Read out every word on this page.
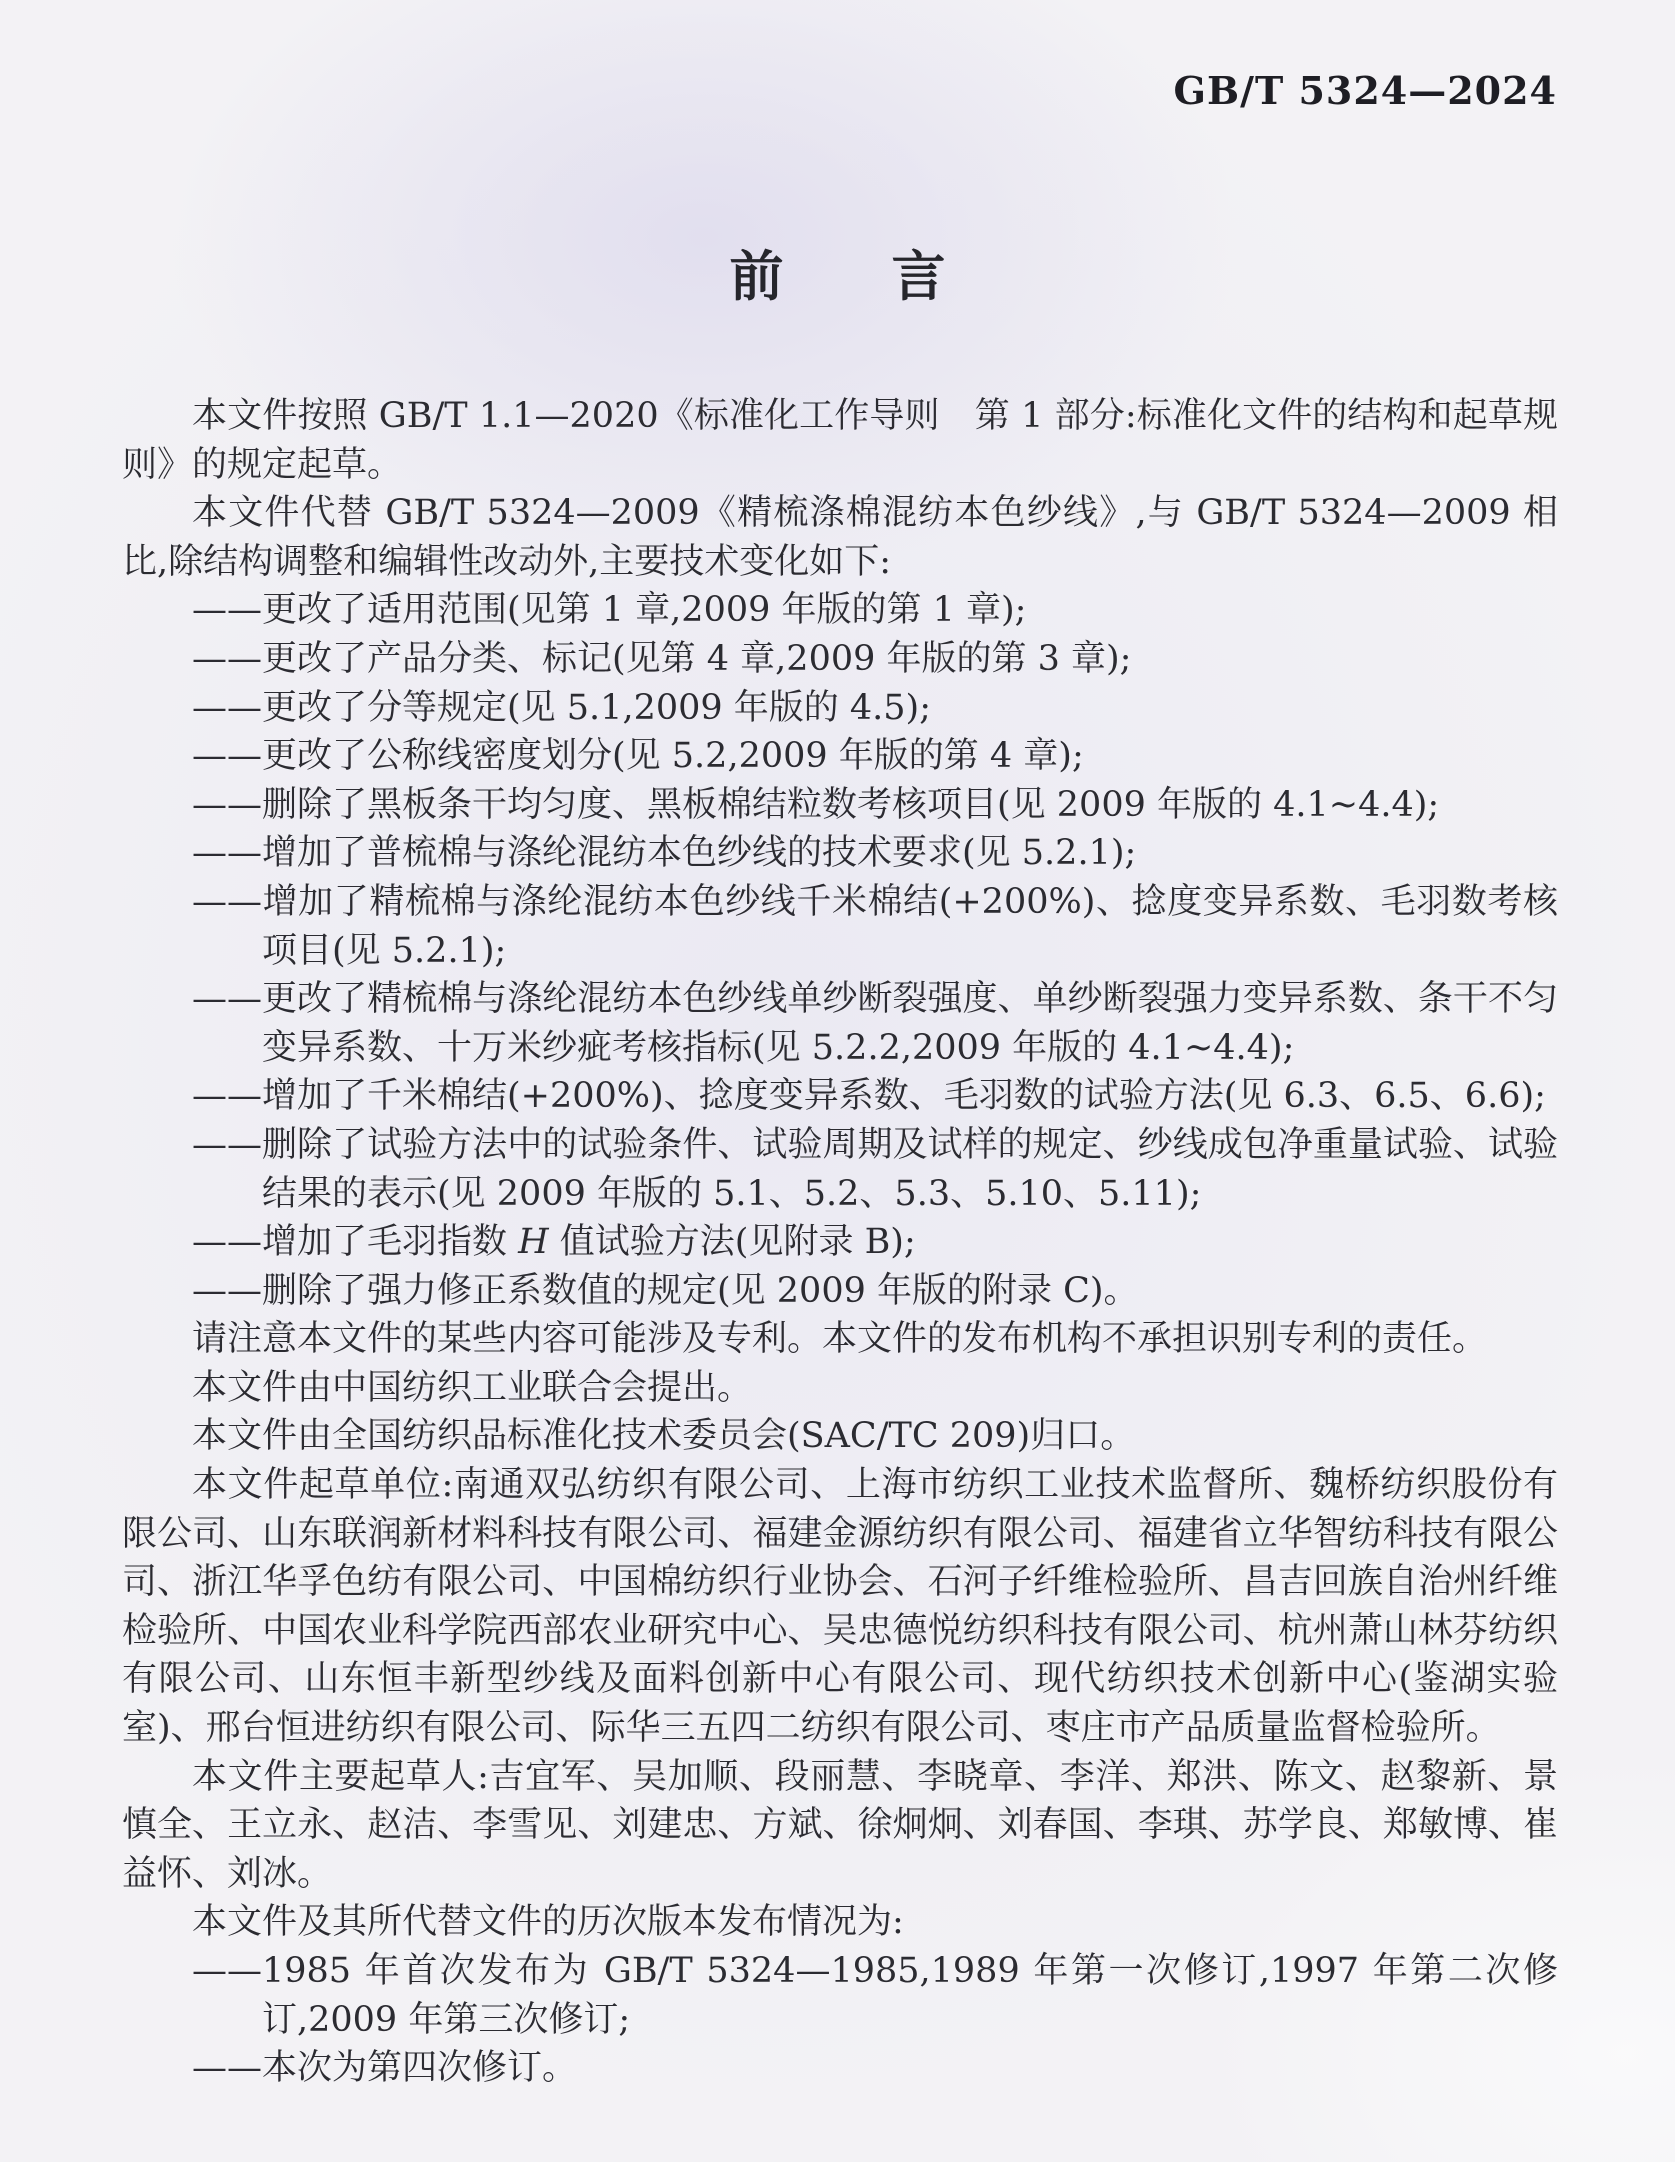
GB/T 5324—2024
前　　言

本文件按照 GB/T 1.1—2020《标准化工作导则　第 1 部分:标准化文件的结构和起草规则》的规定起草。

本文件代替 GB/T 5324—2009《精梳涤棉混纺本色纱线》,与 GB/T 5324—2009 相比,除结构调整和编辑性改动外,主要技术变化如下:

——更改了适用范围(见第 1 章,2009 年版的第 1 章);
——更改了产品分类、标记(见第 4 章,2009 年版的第 3 章);
——更改了分等规定(见 5.1,2009 年版的 4.5);
——更改了公称线密度划分(见 5.2,2009 年版的第 4 章);
——删除了黑板条干均匀度、黑板棉结粒数考核项目(见 2009 年版的 4.1~4.4);
——增加了普梳棉与涤纶混纺本色纱线的技术要求(见 5.2.1);
——增加了精梳棉与涤纶混纺本色纱线千米棉结(+200%)、捻度变异系数、毛羽数考核项目(见 5.2.1);
——更改了精梳棉与涤纶混纺本色纱线单纱断裂强度、单纱断裂强力变异系数、条干不匀变异系数、十万米纱疵考核指标(见 5.2.2,2009 年版的 4.1~4.4);
——增加了千米棉结(+200%)、捻度变异系数、毛羽数的试验方法(见 6.3、6.5、6.6);
——删除了试验方法中的试验条件、试验周期及试样的规定、纱线成包净重量试验、试验结果的表示(见 2009 年版的 5.1、5.2、5.3、5.10、5.11);
——增加了毛羽指数 H 值试验方法(见附录 B);
——删除了强力修正系数值的规定(见 2009 年版的附录 C)。

请注意本文件的某些内容可能涉及专利。本文件的发布机构不承担识别专利的责任。

本文件由中国纺织工业联合会提出。

本文件由全国纺织品标准化技术委员会(SAC/TC 209)归口。

本文件起草单位:南通双弘纺织有限公司、上海市纺织工业技术监督所、魏桥纺织股份有限公司、山东联润新材料科技有限公司、福建金源纺织有限公司、福建省立华智纺科技有限公司、浙江华孚色纺有限公司、中国棉纺织行业协会、石河子纤维检验所、昌吉回族自治州纤维检验所、中国农业科学院西部农业研究中心、吴忠德悦纺织科技有限公司、杭州萧山林芬纺织有限公司、山东恒丰新型纱线及面料创新中心有限公司、现代纺织技术创新中心(鉴湖实验室)、邢台恒进纺织有限公司、际华三五四二纺织有限公司、枣庄市产品质量监督检验所。

本文件主要起草人:吉宜军、吴加顺、段丽慧、李晓章、李洋、郑洪、陈文、赵黎新、景慎全、王立永、赵洁、李雪见、刘建忠、方斌、徐炯炯、刘春国、李琪、苏学良、郑敏博、崔益怀、刘冰。

本文件及其所代替文件的历次版本发布情况为:

——1985 年首次发布为 GB/T 5324—1985,1989 年第一次修订,1997 年第二次修订,2009 年第三次修订;
——本次为第四次修订。
